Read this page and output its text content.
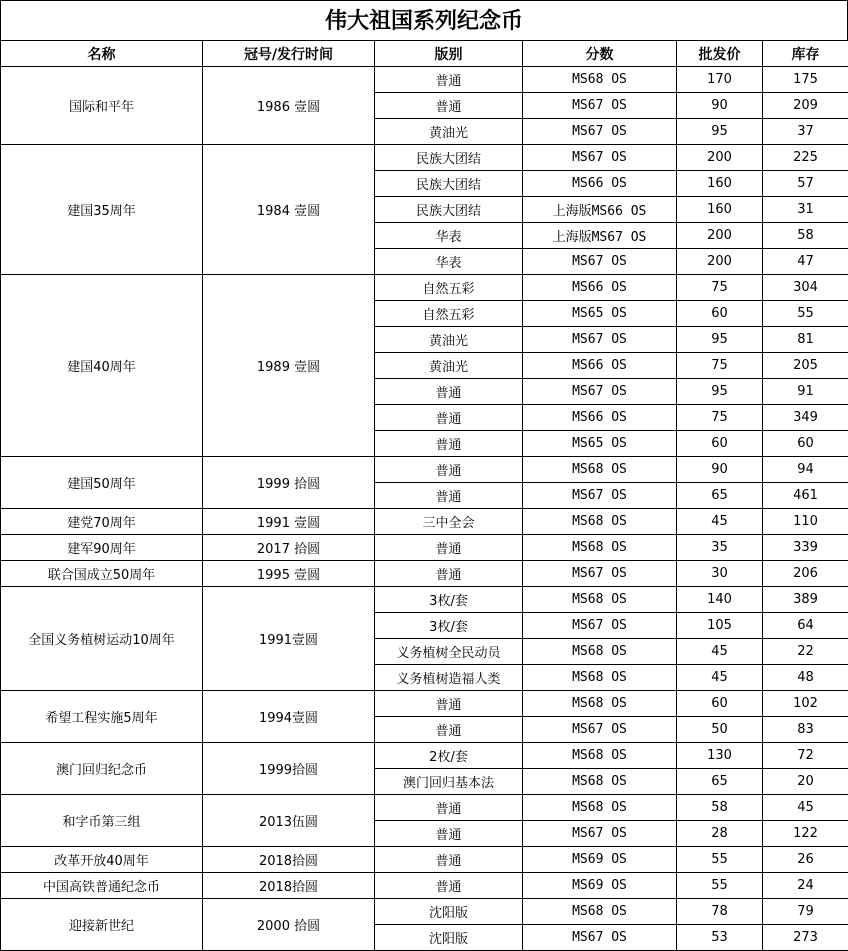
伟大祖国系列纪念币
名称	冠号/发行时间	版别	分数	批发价	库存
国际和平年	1986 壹圆	普通	MS68 OS	170	175
		普通	MS67 OS	90	209
		黄油光	MS67 OS	95	37
建国35周年	1984 壹圆	民族大团结	MS67 OS	200	225
		民族大团结	MS66 OS	160	57
		民族大团结	上海版MS66 OS	160	31
		华表	上海版MS67 OS	200	58
		华表	MS67 OS	200	47
建国40周年	1989 壹圆	自然五彩	MS66 OS	75	304
		自然五彩	MS65 OS	60	55
		黄油光	MS67 OS	95	81
		黄油光	MS66 OS	75	205
		普通	MS67 OS	95	91
		普通	MS66 OS	75	349
		普通	MS65 OS	60	60
建国50周年	1999 拾圆	普通	MS68 OS	90	94
		普通	MS67 OS	65	461
建党70周年	1991 壹圆	三中全会	MS68 OS	45	110
建军90周年	2017 拾圆	普通	MS68 OS	35	339
联合国成立50周年	1995 壹圆	普通	MS67 OS	30	206
全国义务植树运动10周年	1991壹圆	3枚/套	MS68 OS	140	389
		3枚/套	MS67 OS	105	64
		义务植树全民动员	MS68 OS	45	22
		义务植树造福人类	MS68 OS	45	48
希望工程实施5周年	1994壹圆	普通	MS68 OS	60	102
		普通	MS67 OS	50	83
澳门回归纪念币	1999拾圆	2枚/套	MS68 OS	130	72
		澳门回归基本法	MS68 OS	65	20
和字币第三组	2013伍圆	普通	MS68 OS	58	45
		普通	MS67 OS	28	122
改革开放40周年	2018拾圆	普通	MS69 OS	55	26
中国高铁普通纪念币	2018拾圆	普通	MS69 OS	55	24
迎接新世纪	2000 拾圆	沈阳版	MS68 OS	78	79
		沈阳版	MS67 OS	53	273
